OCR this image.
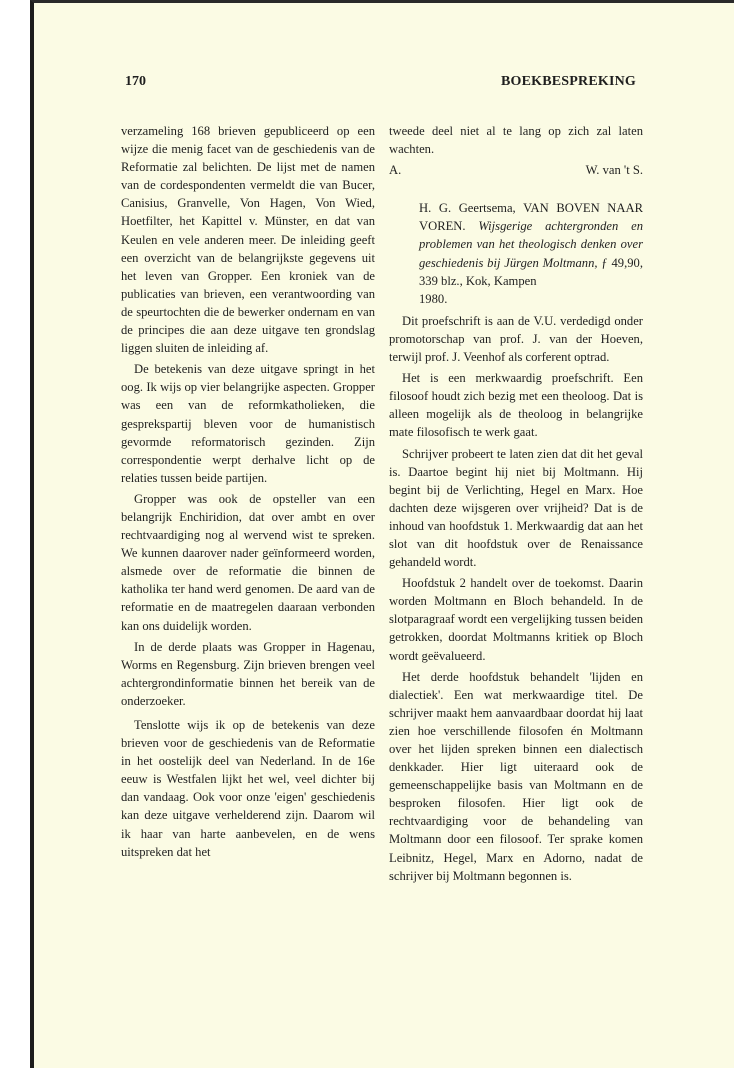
170	BOEKBESPREKING

verzameling 168 brieven gepubliceerd op een wijze die menig facet van de geschiedenis van de Reformatie zal belichten. De lijst met de namen van de cordespondenten vermeldt die van Bucer, Canisius, Granvelle, Von Hagen, Von Wied, Hoetfilter, het Kapittel v. Münster, en dat van Keulen en vele anderen meer. De inleiding geeft een overzicht van de belangrijkste gegevens uit het leven van Gropper. Een kroniek van de publicaties van brieven, een verantwoording van de speurtochten die de bewerker ondernam en van de principes die aan deze uitgave ten grondslag liggen sluiten de inleiding af.

De betekenis van deze uitgave springt in het oog. Ik wijs op vier belangrijke aspecten. Gropper was een van de reformkatholieken, die gesprekspartij bleven voor de humanistisch gevormde reformatorisch gezinden. Zijn correspondentie werpt derhalve licht op de relaties tussen beide partijen.

Gropper was ook de opsteller van een belangrijk Enchiridion, dat over ambt en over rechtvaardiging nog al wervend wist te spreken. We kunnen daarover nader geïnformeerd worden, alsmede over de reformatie die binnen de katholika ter hand werd genomen. De aard van de reformatie en de maatregelen daaraan verbonden kan ons duidelijk worden.

In de derde plaats was Gropper in Hagenau, Worms en Regensburg. Zijn brieven brengen veel achtergrondinformatie binnen het bereik van de onderzoeker.

Tenslotte wijs ik op de betekenis van deze brieven voor de geschiedenis van de Reformatie in het oostelijk deel van Nederland. In de 16e eeuw is Westfalen lijkt het wel, veel dichter bij dan vandaag. Ook voor onze 'eigen' geschiedenis kan deze uitgave verhelderend zijn. Daarom wil ik haar van harte aanbevelen, en de wens uitspreken dat het

tweede deel niet al te lang op zich zal laten wachten.

A.	W. van 't S.

H. G. Geertsema, VAN BOVEN NAAR VOREN. Wijsgerige achtergronden en problemen van het theologisch denken over geschiedenis bij Jürgen Moltmann, ƒ 49,90, 339 blz., Kok, Kampen

1980.

Dit proefschrift is aan de V.U. verdedigd onder promotorschap van prof. J. van der Hoeven, terwijl prof. J. Veenhof als corferent optrad.

Het is een merkwaardig proefschrift. Een filosoof houdt zich bezig met een theoloog. Dat is alleen mogelijk als de theoloog in belangrijke mate filosofisch te werk gaat.

Schrijver probeert te laten zien dat dit het geval is. Daartoe begint hij niet bij Moltmann. Hij begint bij de Verlichting, Hegel en Marx. Hoe dachten deze wijsgeren over vrijheid? Dat is de inhoud van hoofdstuk 1. Merkwaardig dat aan het slot van dit hoofdstuk over de Renaissance gehandeld wordt.

Hoofdstuk 2 handelt over de toekomst. Daarin worden Moltmann en Bloch behandeld. In de slotparagraaf wordt een vergelijking tussen beiden getrokken, doordat Moltmanns kritiek op Bloch wordt geëvalueerd.

Het derde hoofdstuk behandelt 'lijden en dialectiek'. Een wat merkwaardige titel. De schrijver maakt hem aanvaardbaar doordat hij laat zien hoe verschillende filosofen én Moltmann over het lijden spreken binnen een dialectisch denkkader. Hier ligt uiteraard ook de gemeenschappelijke basis van Moltmann en de besproken filosofen. Hier ligt ook de rechtvaardiging voor de behandeling van Moltmann door een filosoof. Ter sprake komen Leibnitz, Hegel, Marx en Adorno, nadat de schrijver bij Moltmann begonnen is.
